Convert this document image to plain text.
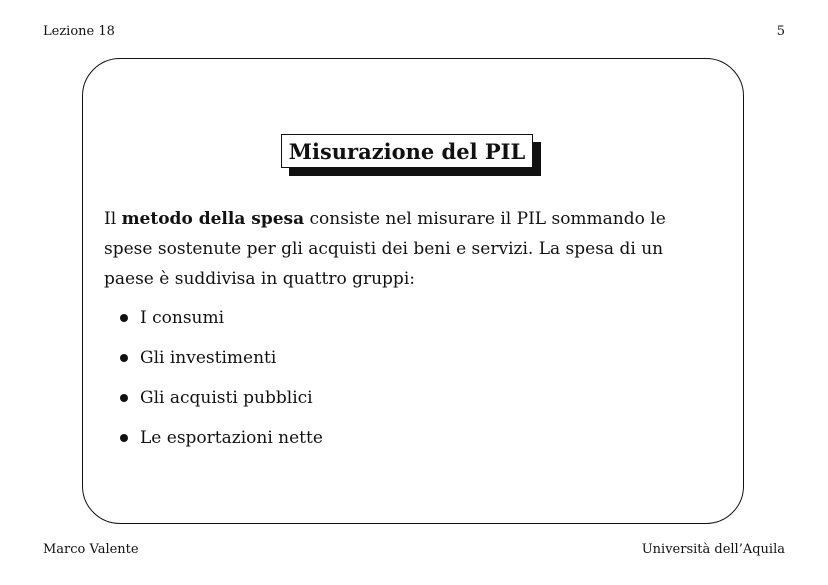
Lezione 18	5
Misurazione del PIL
Il metodo della spesa consiste nel misurare il PIL sommando le spese sostenute per gli acquisti dei beni e servizi. La spesa di un paese è suddivisa in quattro gruppi:
I consumi
Gli investimenti
Gli acquisti pubblici
Le esportazioni nette
Marco Valente	Università dell’Aquila
